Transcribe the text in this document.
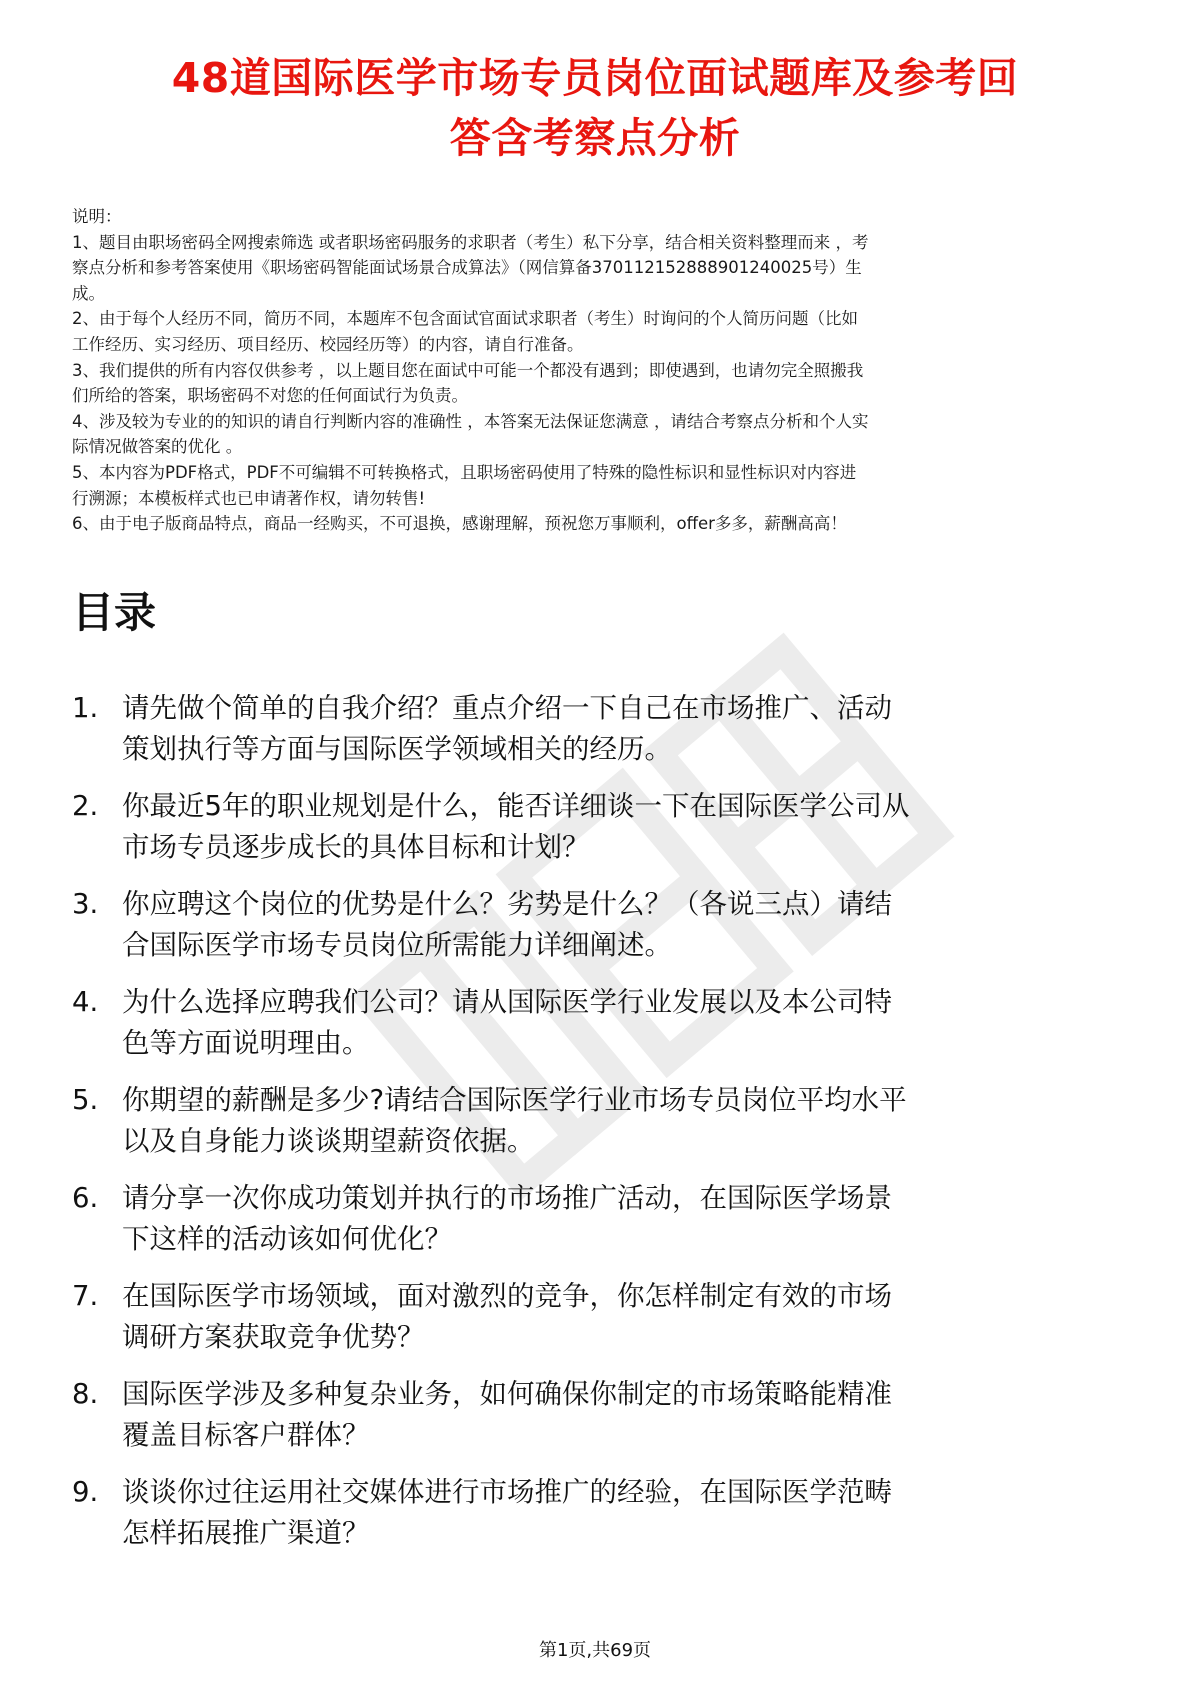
48道国际医学市场专员岗位面试题库及参考回
答含考察点分析
说明：
1、题目由职场密码全网搜索筛选 或者职场密码服务的求职者（考生）私下分享，结合相关资料整理而来 ，考
察点分析和参考答案使用《职场密码智能面试场景合成算法》（网信算备370112152888901240025号）生
成。
2、由于每个人经历不同，简历不同，本题库不包含面试官面试求职者（考生）时询问的个人简历问题（比如
工作经历、实习经历、项目经历、校园经历等）的内容，请自行准备。
3、我们提供的所有内容仅供参考 ，以上题目您在面试中可能一个都没有遇到；即使遇到，也请勿完全照搬我
们所给的答案，职场密码不对您的任何面试行为负责。
4、涉及较为专业的的知识的请自行判断内容的准确性 ，本答案无法保证您满意 ，请结合考察点分析和个人实
际情况做答案的优化 。
5、本内容为PDF格式，PDF不可编辑不可转换格式，且职场密码使用了特殊的隐性标识和显性标识对内容进
行溯源；本模板样式也已申请著作权，请勿转售!
6、由于电子版商品特点，商品一经购买，不可退换，感谢理解，预祝您万事顺利，offer多多，薪酬高高！
目录
1. 请先做个简单的自我介绍？重点介绍一下自己在市场推广、活动
策划执行等方面与国际医学领域相关的经历。
2. 你最近5年的职业规划是什么，能否详细谈一下在国际医学公司从
市场专员逐步成长的具体目标和计划？
3. 你应聘这个岗位的优势是什么？劣势是什么？（各说三点）请结
合国际医学市场专员岗位所需能力详细阐述。
4. 为什么选择应聘我们公司？请从国际医学行业发展以及本公司特
色等方面说明理由。
5. 你期望的薪酬是多少?请结合国际医学行业市场专员岗位平均水平
以及自身能力谈谈期望薪资依据。
6. 请分享一次你成功策划并执行的市场推广活动，在国际医学场景
下这样的活动该如何优化？
7. 在国际医学市场领域，面对激烈的竞争，你怎样制定有效的市场
调研方案获取竞争优势？
8. 国际医学涉及多种复杂业务，如何确保你制定的市场策略能精准
覆盖目标客户群体？
9. 谈谈你过往运用社交媒体进行市场推广的经验，在国际医学范畴
怎样拓展推广渠道？
第1页,共69页
